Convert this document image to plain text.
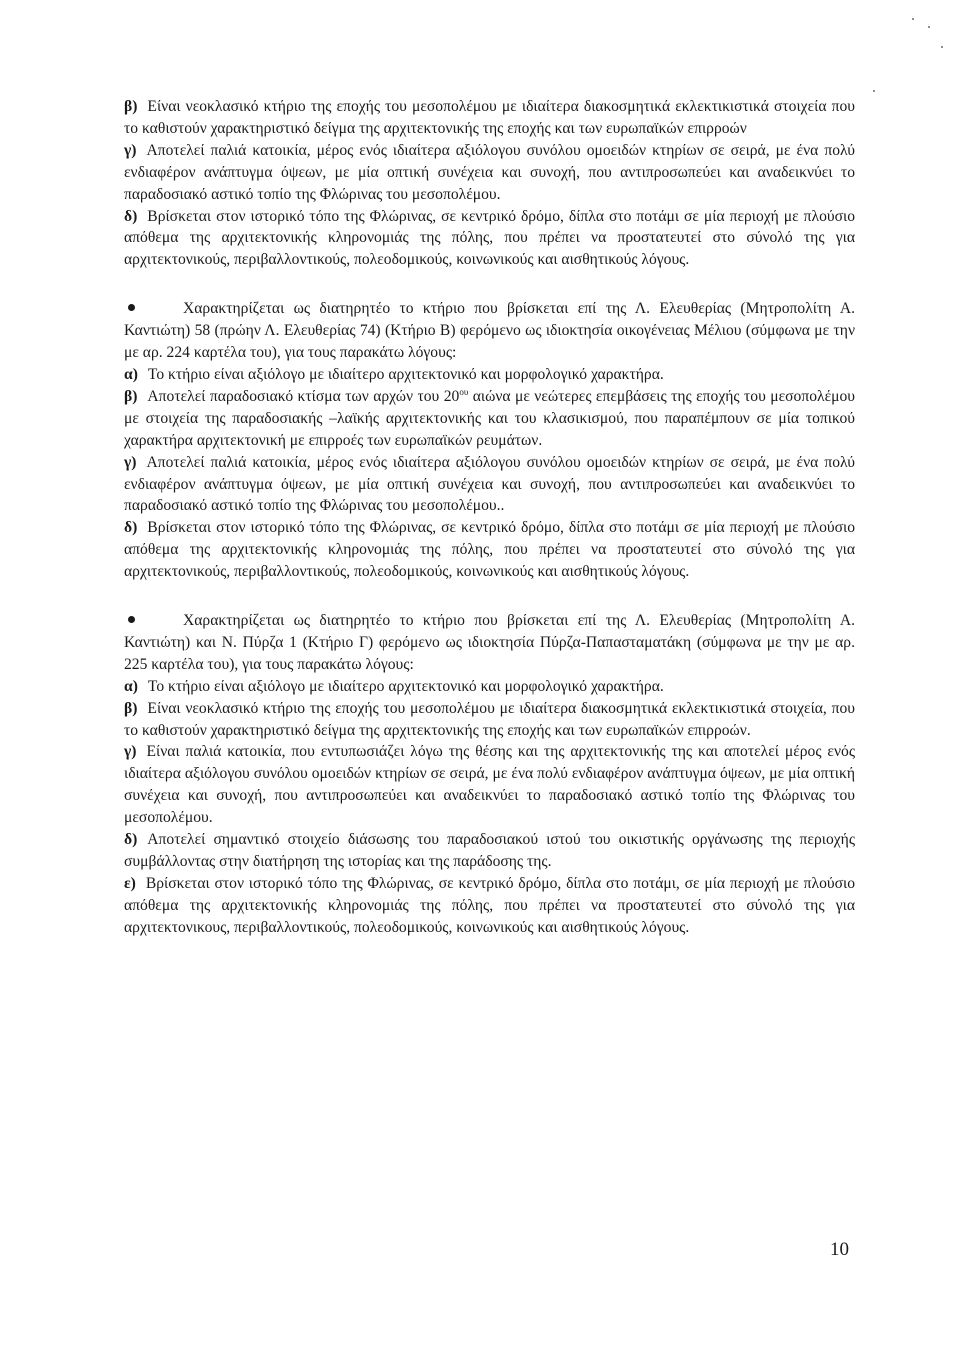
β) Είναι νεοκλασικό κτήριο της εποχής του μεσοπολέμου με ιδιαίτερα διακοσμητικά εκλεκτικιστικά στοιχεία που το καθιστούν χαρακτηριστικό δείγμα της αρχιτεκτονικής της εποχής και των ευρωπαϊκών επιρροών

γ) Αποτελεί παλιά κατοικία, μέρος ενός ιδιαίτερα αξιόλογου συνόλου ομοειδών κτηρίων σε σειρά, με ένα πολύ ενδιαφέρον ανάπτυγμα όψεων, με μία οπτική συνέχεια και συνοχή, που αντιπροσωπεύει και αναδεικνύει το παραδοσιακό αστικό τοπίο της Φλώρινας του μεσοπολέμου.

δ) Βρίσκεται στον ιστορικό τόπο της Φλώρινας, σε κεντρικό δρόμο, δίπλα στο ποτάμι σε μία περιοχή με πλούσιο απόθεμα της αρχιτεκτονικής κληρονομιάς της πόλης, που πρέπει να προστατευτεί στο σύνολό της για αρχιτεκτονικούς, περιβαλλοντικούς, πολεοδομικούς, κοινωνικούς και αισθητικούς λόγους.

Χαρακτηρίζεται ως διατηρητέο το κτήριο που βρίσκεται επί της Λ. Ελευθερίας (Μητροπολίτη Α. Καντιώτη) 58 (πρώην Λ. Ελευθερίας 74) (Κτήριο Β) φερόμενο ως ιδιοκτησία οικογένειας Μέλιου (σύμφωνα με την με αρ. 224 καρτέλα του), για τους παρακάτω λόγους:

α) Το κτήριο είναι αξιόλογο με ιδιαίτερο αρχιτεκτονικό και μορφολογικό χαρακτήρα.

β) Αποτελεί παραδοσιακό κτίσμα των αρχών του $20^{o\upsilon}$ αιώνα με νεώτερες επεμβάσεις της εποχής του μεσοπολέμου με στοιχεία της παραδοσιακής –λαϊκής αρχιτεκτονικής και του κλασικισμού, που παραπέμπουν σε μία τοπικού χαρακτήρα αρχιτεκτονική με επιρροές των ευρωπαϊκών ρευμάτων.

γ) Αποτελεί παλιά κατοικία, μέρος ενός ιδιαίτερα αξιόλογου συνόλου ομοειδών κτηρίων σε σειρά, με ένα πολύ ενδιαφέρον ανάπτυγμα όψεων, με μία οπτική συνέχεια και συνοχή, που αντιπροσωπεύει και αναδεικνύει το παραδοσιακό αστικό τοπίο της Φλώρινας του μεσοπολέμου..

δ) Βρίσκεται στον ιστορικό τόπο της Φλώρινας, σε κεντρικό δρόμο, δίπλα στο ποτάμι σε μία περιοχή με πλούσιο απόθεμα της αρχιτεκτονικής κληρονομιάς της πόλης, που πρέπει να προστατευτεί στο σύνολό της για αρχιτεκτονικούς, περιβαλλοντικούς, πολεοδομικούς, κοινωνικούς και αισθητικούς λόγους.

Χαρακτηρίζεται ως διατηρητέο το κτήριο που βρίσκεται επί της Λ. Ελευθερίας (Μητροπολίτη Α. Καντιώτη) και Ν. Πύρζα 1 (Κτήριο Γ) φερόμενο ως ιδιοκτησία Πύρζα-Παπασταματάκη (σύμφωνα με την με αρ. 225 καρτέλα του), για τους παρακάτω λόγους:

α) Το κτήριο είναι αξιόλογο με ιδιαίτερο αρχιτεκτονικό και μορφολογικό χαρακτήρα.

β) Είναι νεοκλασικό κτήριο της εποχής του μεσοπολέμου με ιδιαίτερα διακοσμητικά εκλεκτικιστικά στοιχεία, που το καθιστούν χαρακτηριστικό δείγμα της αρχιτεκτονικής της εποχής και των ευρωπαϊκών επιρροών.

γ) Είναι παλιά κατοικία, που εντυπωσιάζει λόγω της θέσης και της αρχιτεκτονικής της και αποτελεί μέρος ενός ιδιαίτερα αξιόλογου συνόλου ομοειδών κτηρίων σε σειρά, με ένα πολύ ενδιαφέρον ανάπτυγμα όψεων, με μία οπτική συνέχεια και συνοχή, που αντιπροσωπεύει και αναδεικνύει το παραδοσιακό αστικό τοπίο της Φλώρινας του μεσοπολέμου.

δ) Αποτελεί σημαντικό στοιχείο διάσωσης του παραδοσιακού ιστού του οικιστικής οργάνωσης της περιοχής συμβάλλοντας στην διατήρηση της ιστορίας και της παράδοσης της.

ε) Βρίσκεται στον ιστορικό τόπο της Φλώρινας, σε κεντρικό δρόμο, δίπλα στο ποτάμι, σε μία περιοχή με πλούσιο απόθεμα της αρχιτεκτονικής κληρονομιάς της πόλης, που πρέπει να προστατευτεί στο σύνολό της για αρχιτεκτονικους, περιβαλλοντικούς, πολεοδομικούς, κοινωνικούς και αισθητικούς λόγους.

10
